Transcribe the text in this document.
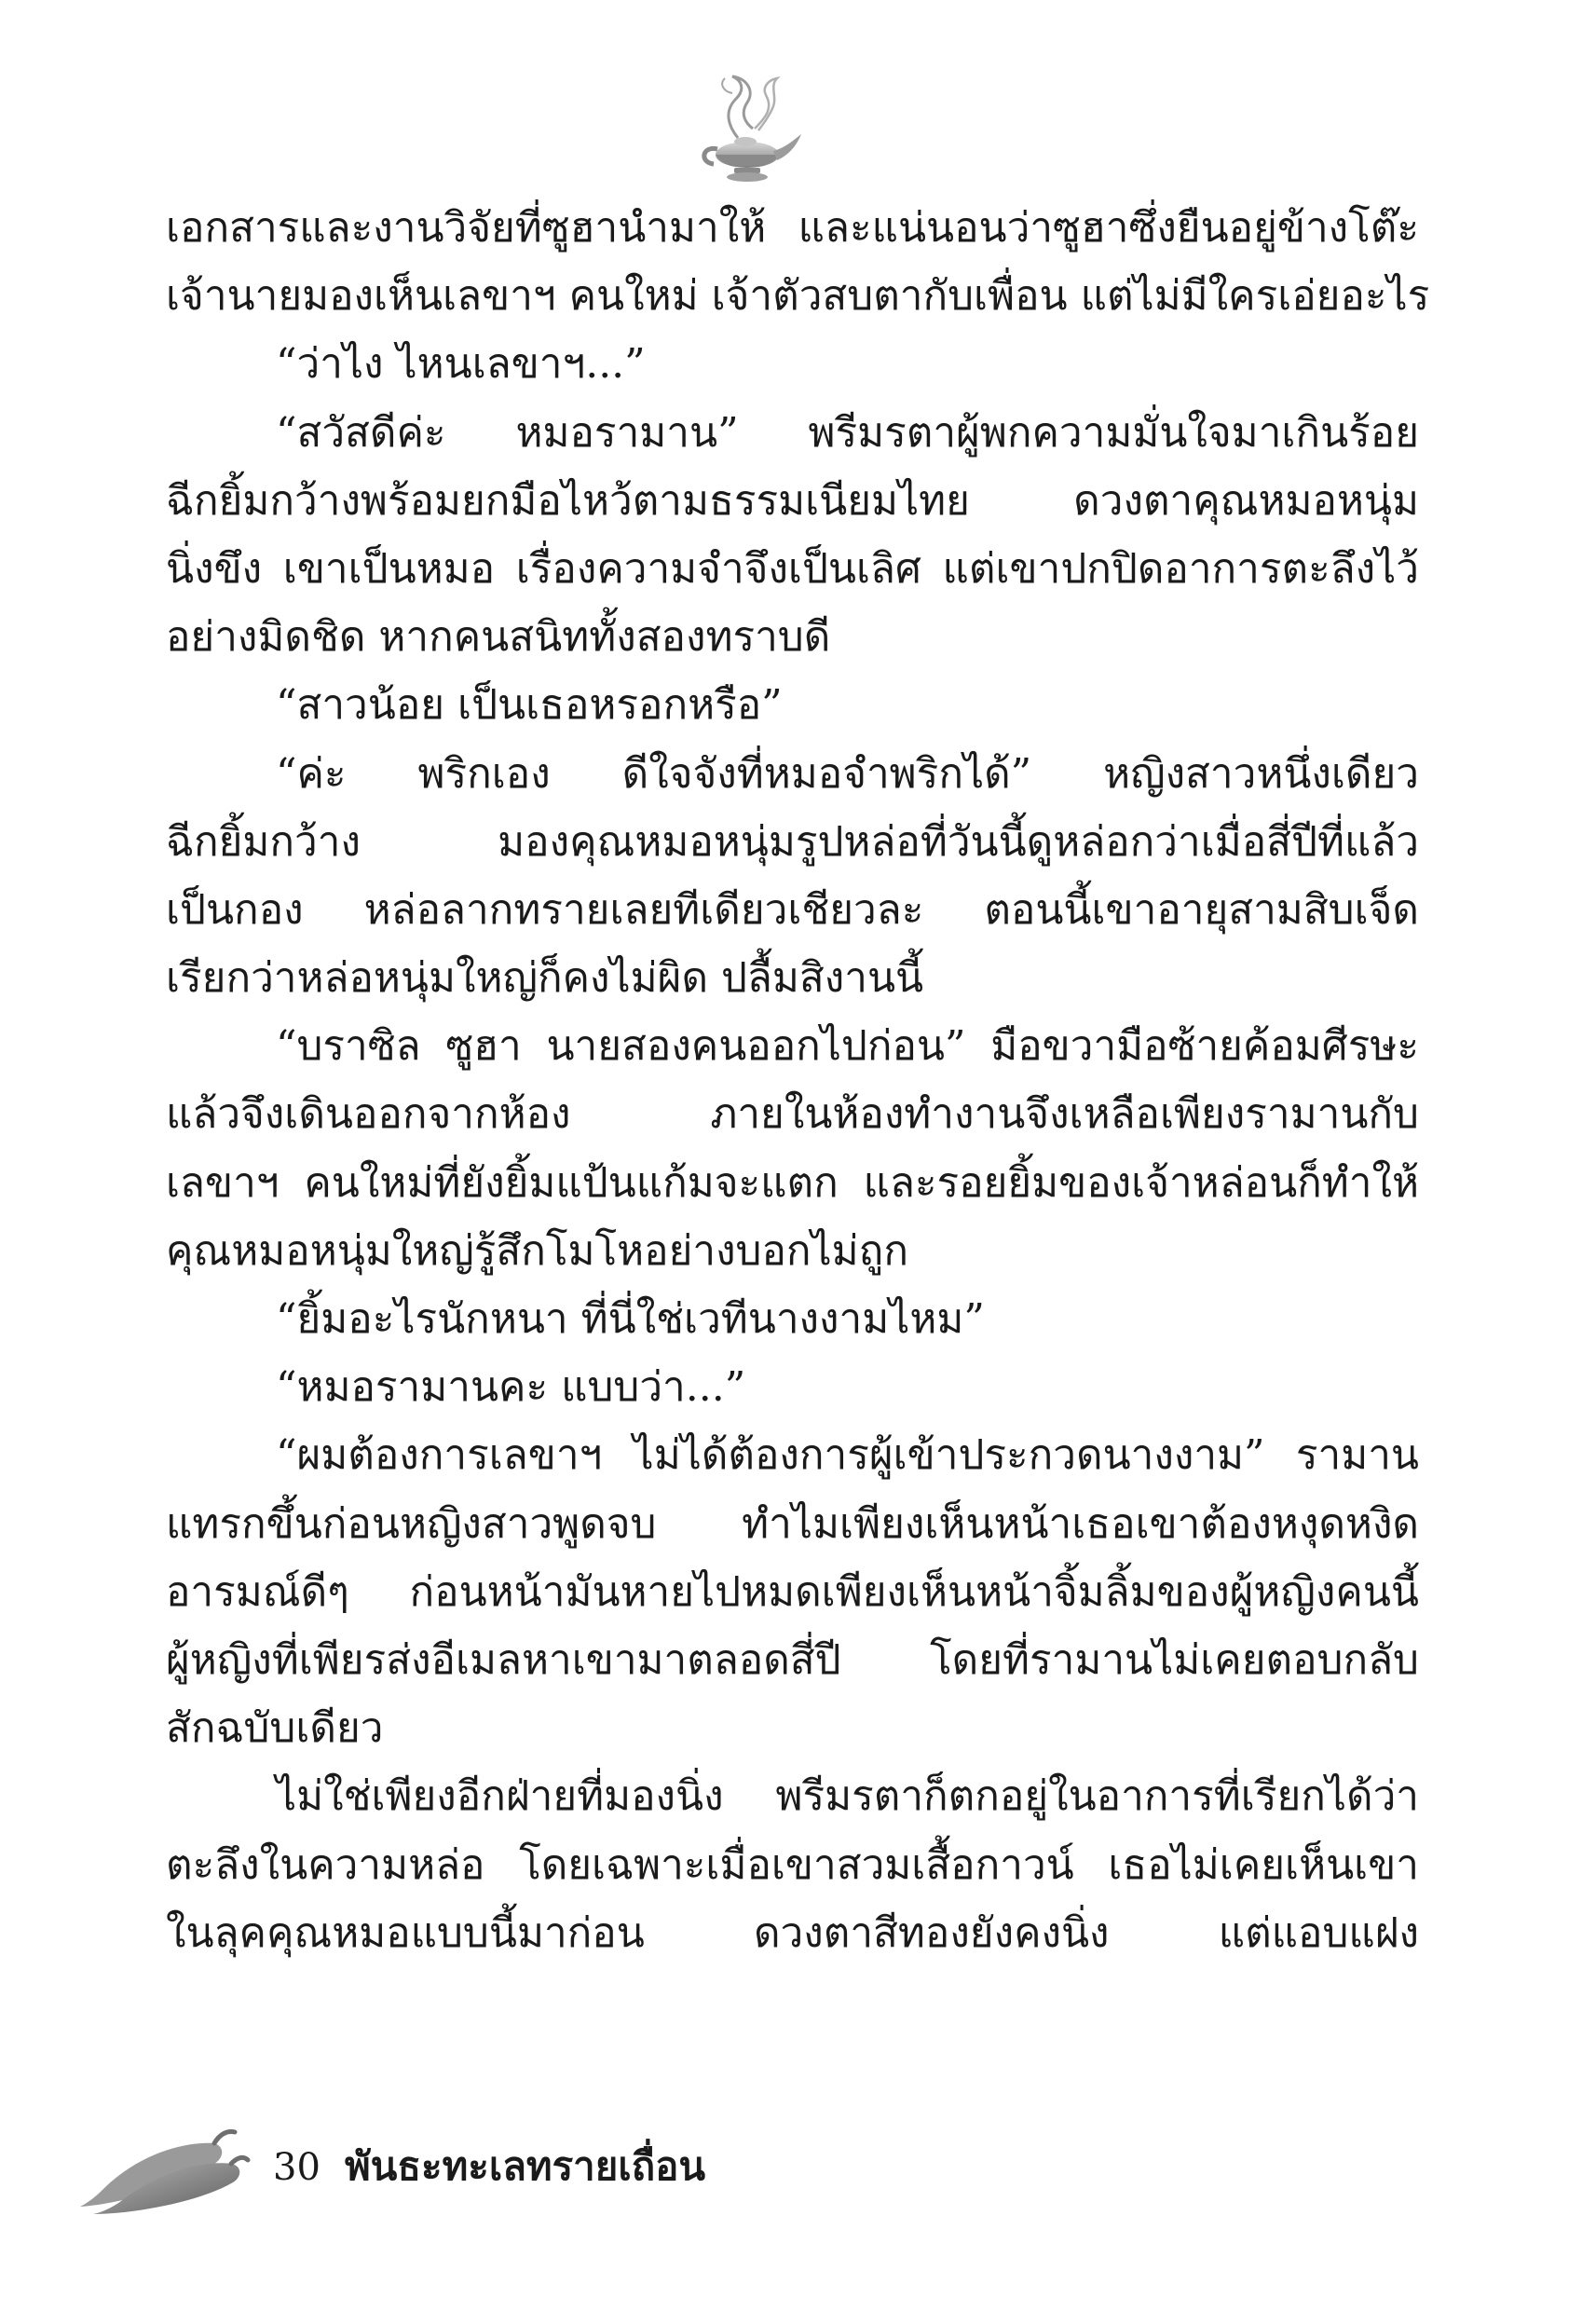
เอกสารและงานวิจัยที่ซูฮานำมาให้ และแน่นอนว่าซูฮาซึ่งยืนอยู่ข้างโต๊ะ
เจ้านายมองเห็นเลขาฯ คนใหม่ เจ้าตัวสบตากับเพื่อน แต่ไม่มีใครเอ่ยอะไร
“ว่าไง ไหนเลขาฯ...”
“สวัสดีค่ะ หมอรามาน” พรีมรตาผู้พกความมั่นใจมาเกินร้อย
ฉีกยิ้มกว้างพร้อมยกมือไหว้ตามธรรมเนียมไทย ดวงตาคุณหมอหนุ่ม
นิ่งขึง เขาเป็นหมอ เรื่องความจำจึงเป็นเลิศ แต่เขาปกปิดอาการตะลึงไว้
อย่างมิดชิด หากคนสนิททั้งสองทราบดี
“สาวน้อย เป็นเธอหรอกหรือ”
“ค่ะ พริกเอง ดีใจจังที่หมอจำพริกได้” หญิงสาวหนึ่งเดียว
ฉีกยิ้มกว้าง มองคุณหมอหนุ่มรูปหล่อที่วันนี้ดูหล่อกว่าเมื่อสี่ปีที่แล้ว
เป็นกอง หล่อลากทรายเลยทีเดียวเชียวละ ตอนนี้เขาอายุสามสิบเจ็ด
เรียกว่าหล่อหนุ่มใหญ่ก็คงไม่ผิด ปลื้มสิงานนี้
“บราซิล ซูฮา นายสองคนออกไปก่อน” มือขวามือซ้ายค้อมศีรษะ
แล้วจึงเดินออกจากห้อง ภายในห้องทำงานจึงเหลือเพียงรามานกับ
เลขาฯ คนใหม่ที่ยังยิ้มแป้นแก้มจะแตก และรอยยิ้มของเจ้าหล่อนก็ทำให้
คุณหมอหนุ่มใหญ่รู้สึกโมโหอย่างบอกไม่ถูก
“ยิ้มอะไรนักหนา ที่นี่ใช่เวทีนางงามไหม”
“หมอรามานคะ แบบว่า...”
“ผมต้องการเลขาฯ ไม่ได้ต้องการผู้เข้าประกวดนางงาม” รามาน
แทรกขึ้นก่อนหญิงสาวพูดจบ ทำไมเพียงเห็นหน้าเธอเขาต้องหงุดหงิด
อารมณ์ดีๆ ก่อนหน้ามันหายไปหมดเพียงเห็นหน้าจิ้มลิ้มของผู้หญิงคนนี้
ผู้หญิงที่เพียรส่งอีเมลหาเขามาตลอดสี่ปี โดยที่รามานไม่เคยตอบกลับ
สักฉบับเดียว
ไม่ใช่เพียงอีกฝ่ายที่มองนิ่ง พรีมรตาก็ตกอยู่ในอาการที่เรียกได้ว่า
ตะลึงในความหล่อ โดยเฉพาะเมื่อเขาสวมเสื้อกาวน์ เธอไม่เคยเห็นเขา
ในลุคคุณหมอแบบนี้มาก่อน ดวงตาสีทองยังคงนิ่ง แต่แอบแฝง
30 พันธะทะเลทรายเถื่อน
